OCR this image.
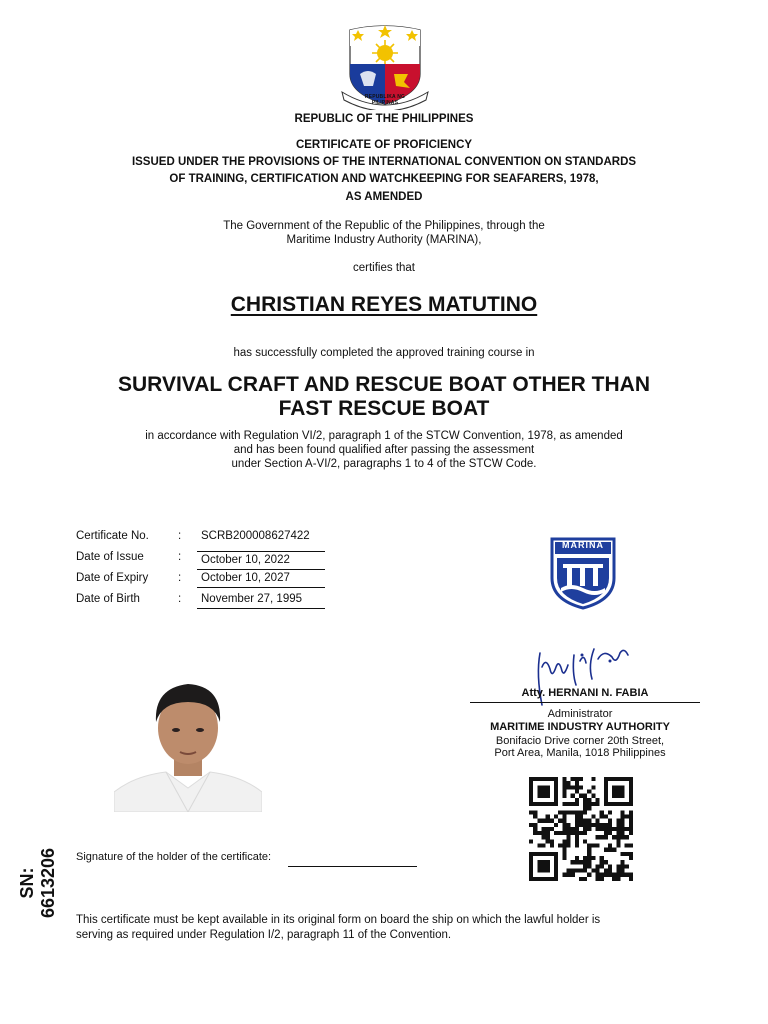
REPUBLIKA NG PILIPINAS
REPUBLIC OF THE PHILIPPINES
CERTIFICATE OF PROFICIENCY
ISSUED UNDER THE PROVISIONS OF THE INTERNATIONAL CONVENTION ON STANDARDS
OF TRAINING, CERTIFICATION AND WATCHKEEPING FOR SEAFARERS, 1978,
AS AMENDED
The Government of the Republic of the Philippines, through the
Maritime Industry Authority (MARINA),
certifies that
CHRISTIAN REYES MATUTINO
has successfully completed the approved training course in
SURVIVAL CRAFT AND RESCUE BOAT OTHER THAN
FAST RESCUE BOAT
in accordance with Regulation VI/2, paragraph 1 of the STCW Convention, 1978, as amended
and has been found qualified after passing the assessment
under Section A-VI/2, paragraphs 1 to 4 of the STCW Code.
Certificate No.	:	SCRB200008627422
Date of Issue	:	October 10, 2022
Date of Expiry	:	October 10, 2027
Date of Birth	:	November 27, 1995
MARINA
Atty. HERNANI N. FABIA
Administrator
MARITIME INDUSTRY AUTHORITY
Bonifacio Drive corner 20th Street,
Port Area, Manila, 1018 Philippines
Signature of the holder of the certificate:
SN: 6613206
This certificate must be kept available in its original form on board the ship on which the lawful holder is
serving as required under Regulation I/2, paragraph 11 of the Convention.
